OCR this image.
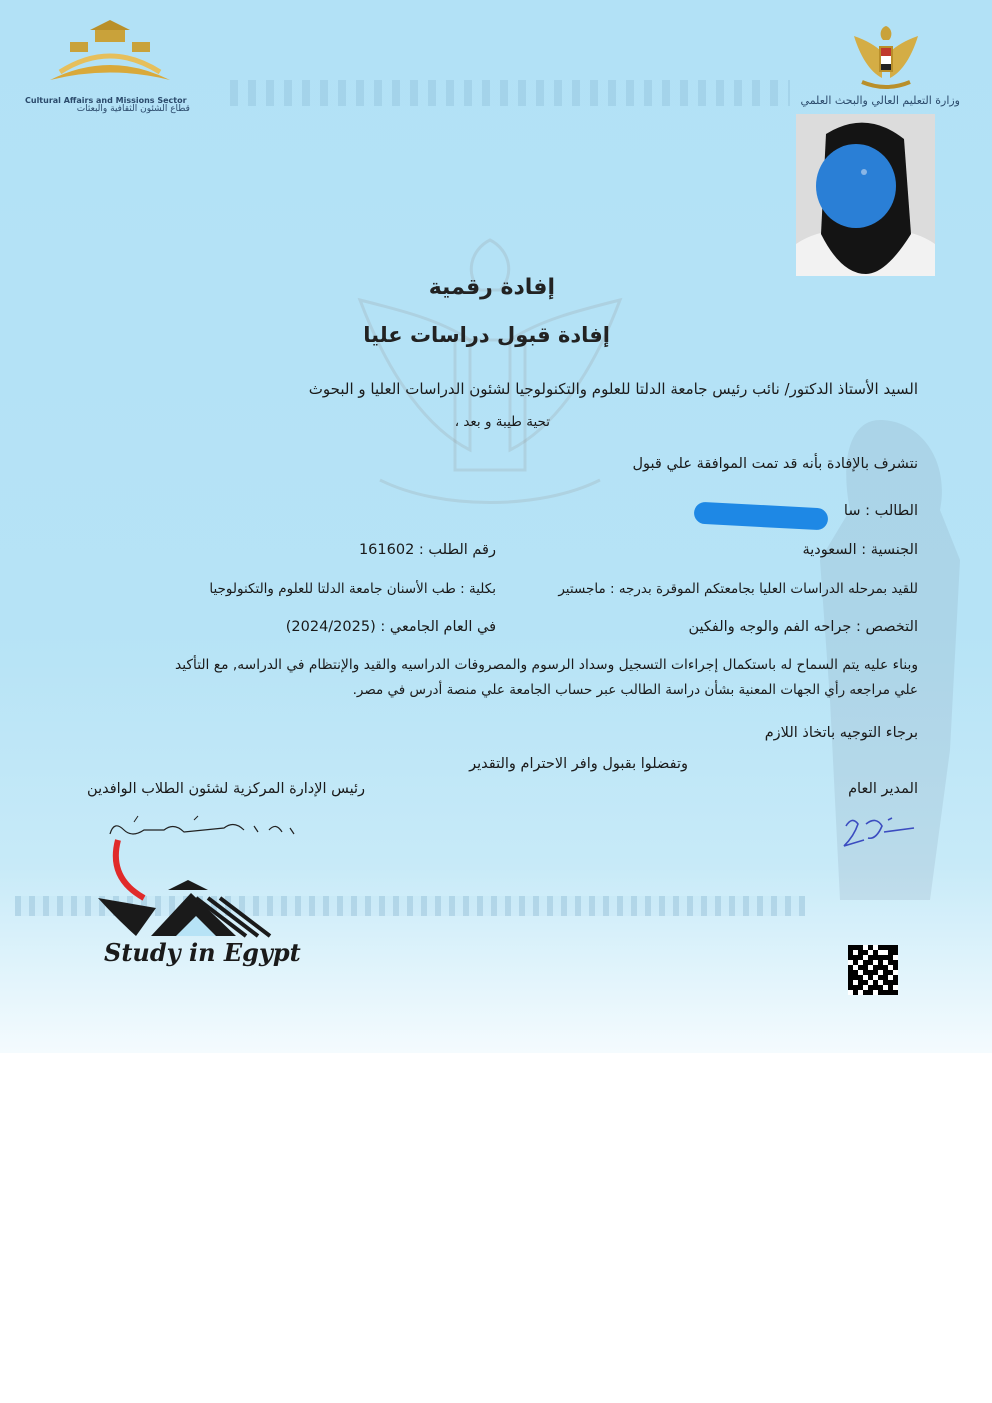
Cultural Affairs and Missions Sector
قطاع الشئون الثقافية والبعثات
وزارة التعليم العالي والبحث العلمي
إفادة رقمية
إفادة قبول دراسات عليا
السيد الأستاذ الدكتور/ نائب رئيس جامعة الدلتا للعلوم والتكنولوجيا لشئون الدراسات العليا و البحوث
تحية طيبة و بعد ،
نتشرف بالإفادة بأنه قد تمت الموافقة علي قبول
الطالب : سا
الجنسية : السعودية
رقم الطلب : 161602
للقيد بمرحله الدراسات العليا بجامعتكم الموقرة بدرجه : ماجستير
بكلية : طب الأسنان جامعة الدلتا للعلوم والتكنولوجيا
التخصص : جراحه الفم والوجه والفكين
في العام الجامعي : (2024/2025)
وبناء عليه يتم السماح له باستكمال إجراءات التسجيل وسداد الرسوم والمصروفات الدراسيه والقيد والإنتظام في الدراسه, مع التأكيد
علي مراجعه رأي الجهات المعنية بشأن دراسة الطالب عبر حساب الجامعة علي منصة أدرس في مصر.
برجاء التوجيه باتخاذ اللازم
وتفضلوا بقبول وافر الاحترام والتقدير
المدير العام
رئيس الإدارة المركزية لشئون الطلاب الوافدين
Study in Egypt
